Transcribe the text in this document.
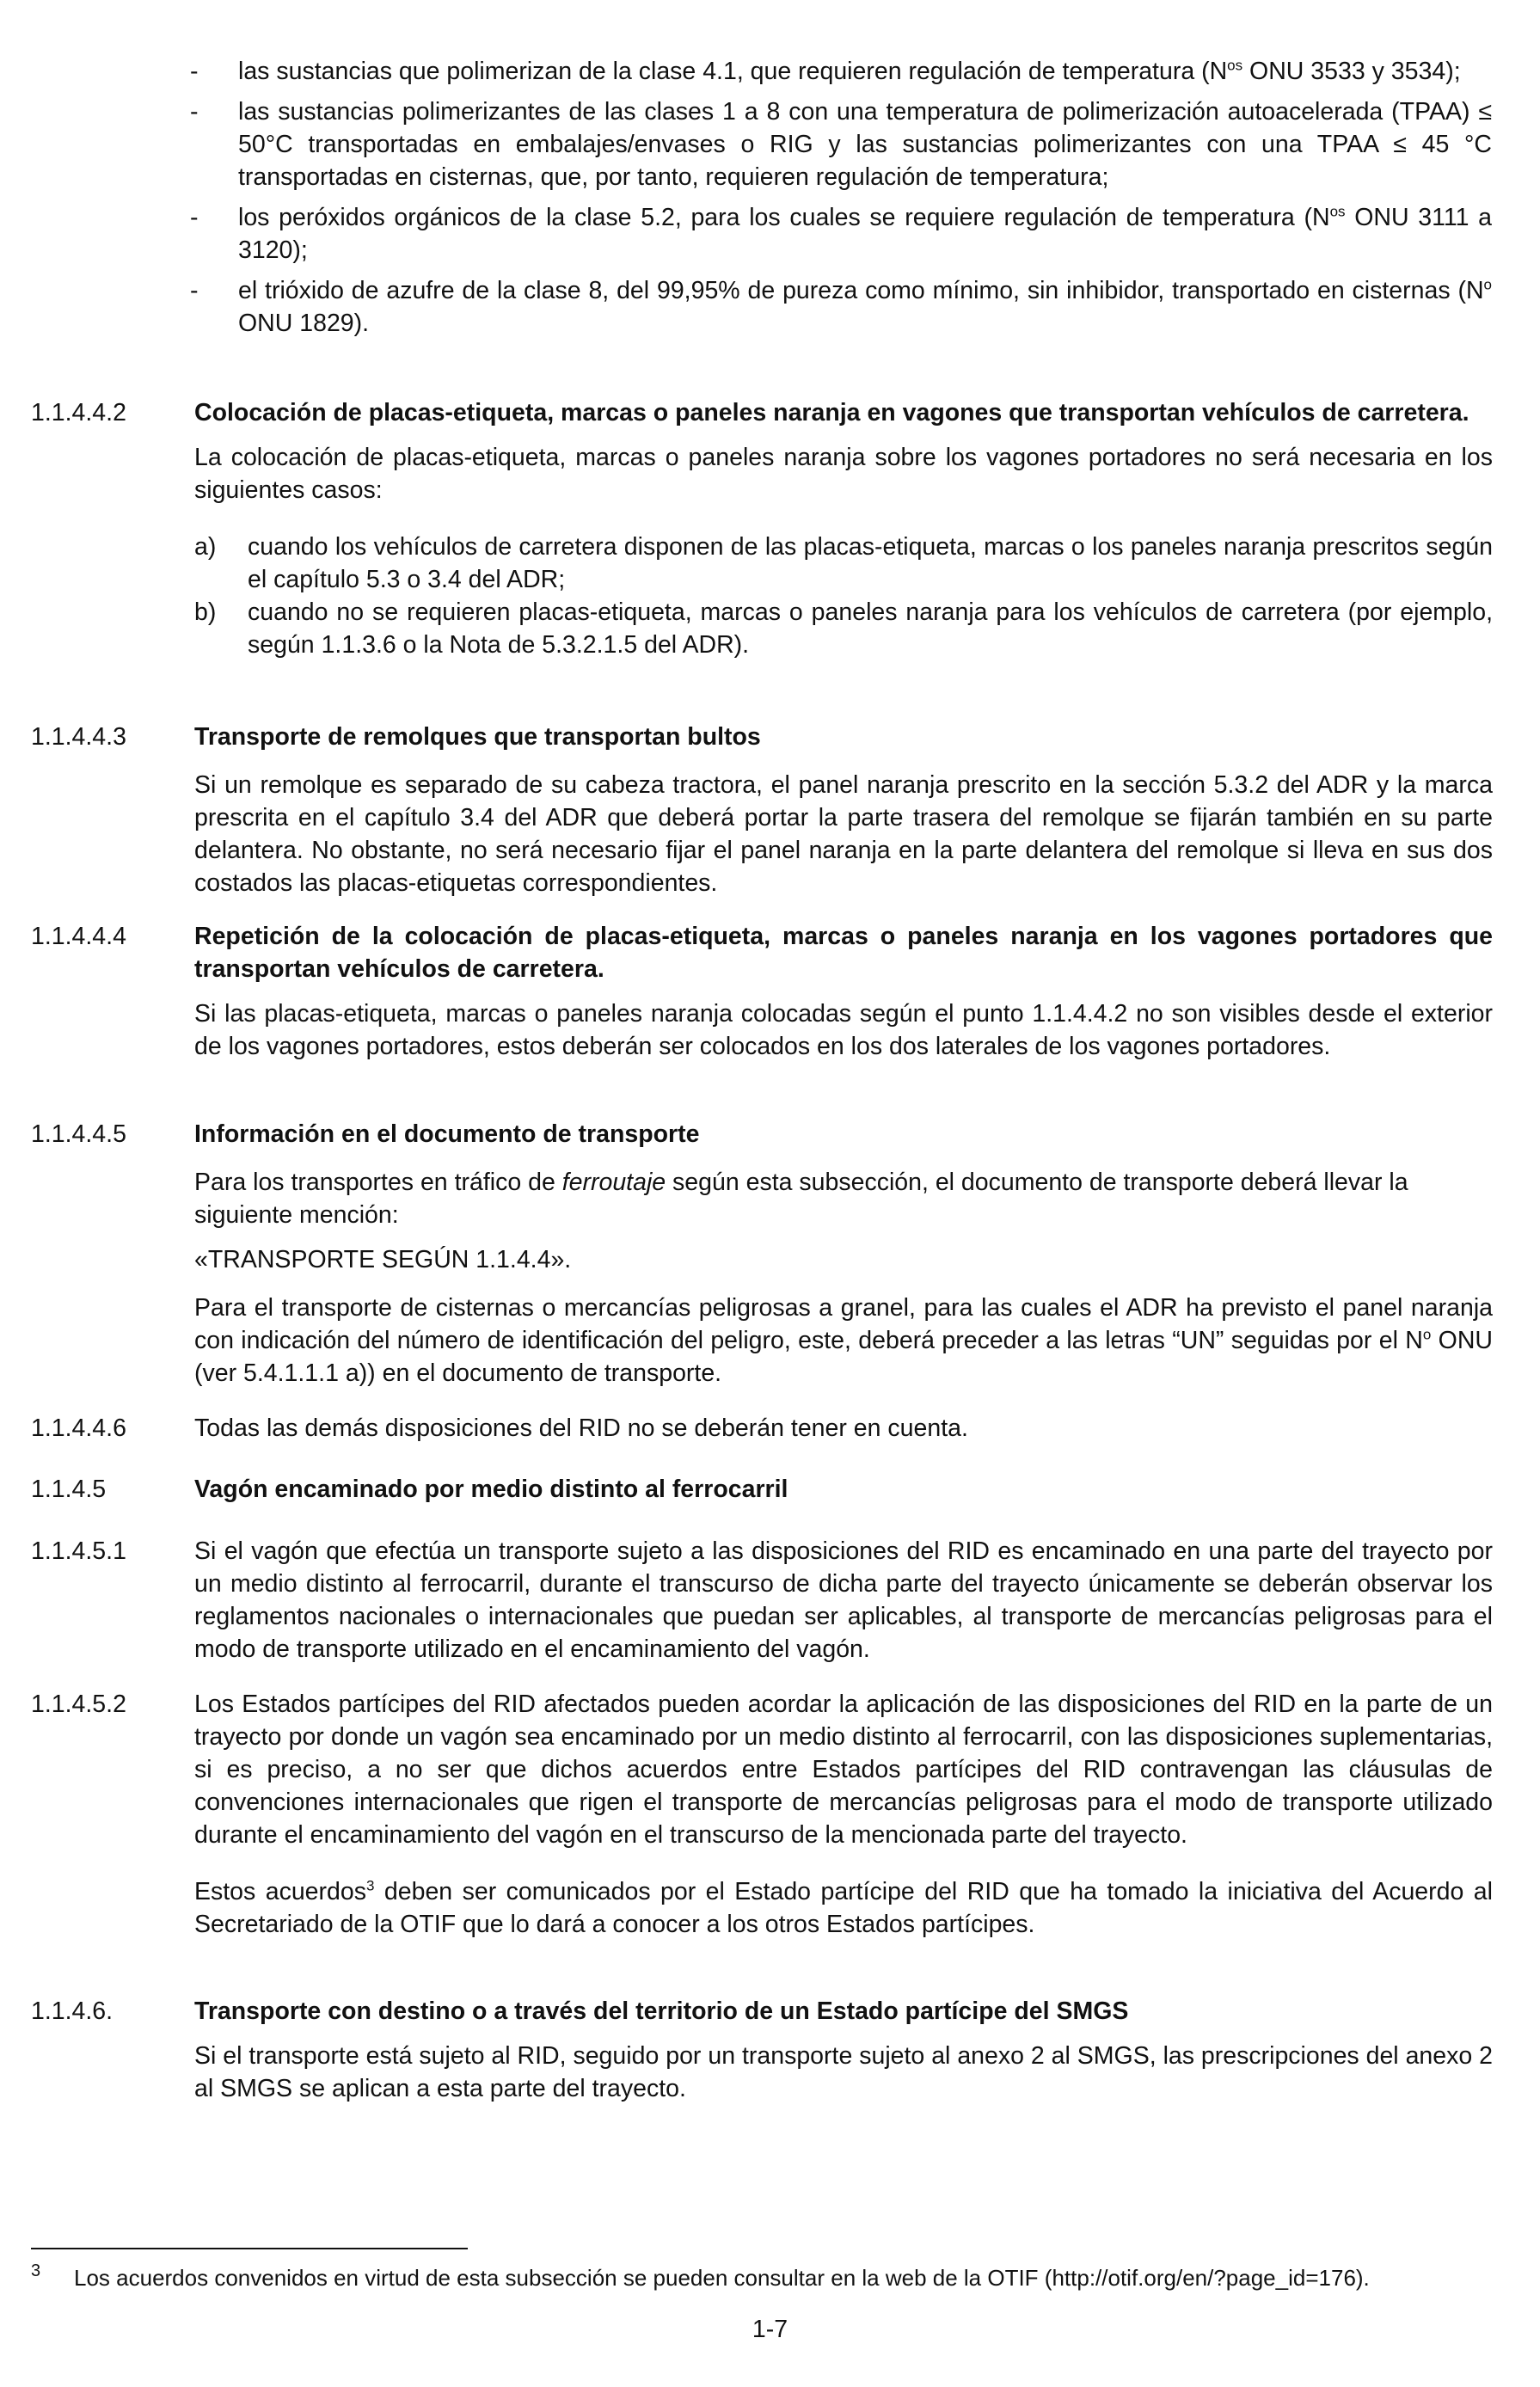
- las sustancias que polimerizan de la clase 4.1, que requieren regulación de temperatura ($N^{os}$ ONU 3533 y 3534);
- las sustancias polimerizantes de las clases 1 a 8 con una temperatura de polimerización autoacelerada (TPAA) ≤ 50°C transportadas en embalajes/envases o RIG y las sustancias polimerizantes con una TPAA ≤ 45 °C transportadas en cisternas, que, por tanto, requieren regulación de temperatura;
- los peróxidos orgánicos de la clase 5.2, para los cuales se requiere regulación de temperatura ($N^{os}$ ONU 3111 a 3120);
- el trióxido de azufre de la clase 8, del 99,95% de pureza como mínimo, sin inhibidor, transportado en cisternas ($N^o$ ONU 1829).
1.1.4.4.2	Colocación de placas-etiqueta, marcas o paneles naranja en vagones que transportan vehículos de carretera.
La colocación de placas-etiqueta, marcas o paneles naranja sobre los vagones portadores no será necesaria en los siguientes casos:
a) cuando los vehículos de carretera disponen de las placas-etiqueta, marcas o los paneles naranja prescritos según el capítulo 5.3 o 3.4 del ADR;
b) cuando no se requieren placas-etiqueta, marcas o paneles naranja para los vehículos de carretera (por ejemplo, según 1.1.3.6 o la Nota de 5.3.2.1.5 del ADR).
1.1.4.4.3	Transporte de remolques que transportan bultos
Si un remolque es separado de su cabeza tractora, el panel naranja prescrito en la sección 5.3.2 del ADR y la marca prescrita en el capítulo 3.4 del ADR que deberá portar la parte trasera del remolque se fijarán también en su parte delantera. No obstante, no será necesario fijar el panel naranja en la parte delantera del remolque si lleva en sus dos costados las placas-etiquetas correspondientes.
1.1.4.4.4	Repetición de la colocación de placas-etiqueta, marcas o paneles naranja en los vagones portadores que transportan vehículos de carretera.
Si las placas-etiqueta, marcas o paneles naranja colocadas según el punto 1.1.4.4.2 no son visibles desde el exterior de los vagones portadores, estos deberán ser colocados en los dos laterales de los vagones portadores.
1.1.4.4.5	Información en el documento de transporte
Para los transportes en tráfico de ferroutaje según esta subsección, el documento de transporte deberá llevar la siguiente mención:
«TRANSPORTE SEGÚN 1.1.4.4».
Para el transporte de cisternas o mercancías peligrosas a granel, para las cuales el ADR ha previsto el panel naranja con indicación del número de identificación del peligro, este, deberá preceder a las letras “UN” seguidas por el $N^o$ ONU (ver 5.4.1.1.1 a)) en el documento de transporte.
1.1.4.4.6	Todas las demás disposiciones del RID no se deberán tener en cuenta.
1.1.4.5	Vagón encaminado por medio distinto al ferrocarril
1.1.4.5.1	Si el vagón que efectúa un transporte sujeto a las disposiciones del RID es encaminado en una parte del trayecto por un medio distinto al ferrocarril, durante el transcurso de dicha parte del trayecto únicamente se deberán observar los reglamentos nacionales o internacionales que puedan ser aplicables, al transporte de mercancías peligrosas para el modo de transporte utilizado en el encaminamiento del vagón.
1.1.4.5.2	Los Estados partícipes del RID afectados pueden acordar la aplicación de las disposiciones del RID en la parte de un trayecto por donde un vagón sea encaminado por un medio distinto al ferrocarril, con las disposiciones suplementarias, si es preciso, a no ser que dichos acuerdos entre Estados partícipes del RID contravengan las cláusulas de convenciones internacionales que rigen el transporte de mercancías peligrosas para el modo de transporte utilizado durante el encaminamiento del vagón en el transcurso de la mencionada parte del trayecto.
Estos acuerdos$^3$ deben ser comunicados por el Estado partícipe del RID que ha tomado la iniciativa del Acuerdo al Secretariado de la OTIF que lo dará a conocer a los otros Estados partícipes.
1.1.4.6.	Transporte con destino o a través del territorio de un Estado partícipe del SMGS
Si el transporte está sujeto al RID, seguido por un transporte sujeto al anexo 2 al SMGS, las prescripciones del anexo 2 al SMGS se aplican a esta parte del trayecto.
3 Los acuerdos convenidos en virtud de esta subsección se pueden consultar en la web de la OTIF (http://otif.org/en/?page_id=176).
1-7
